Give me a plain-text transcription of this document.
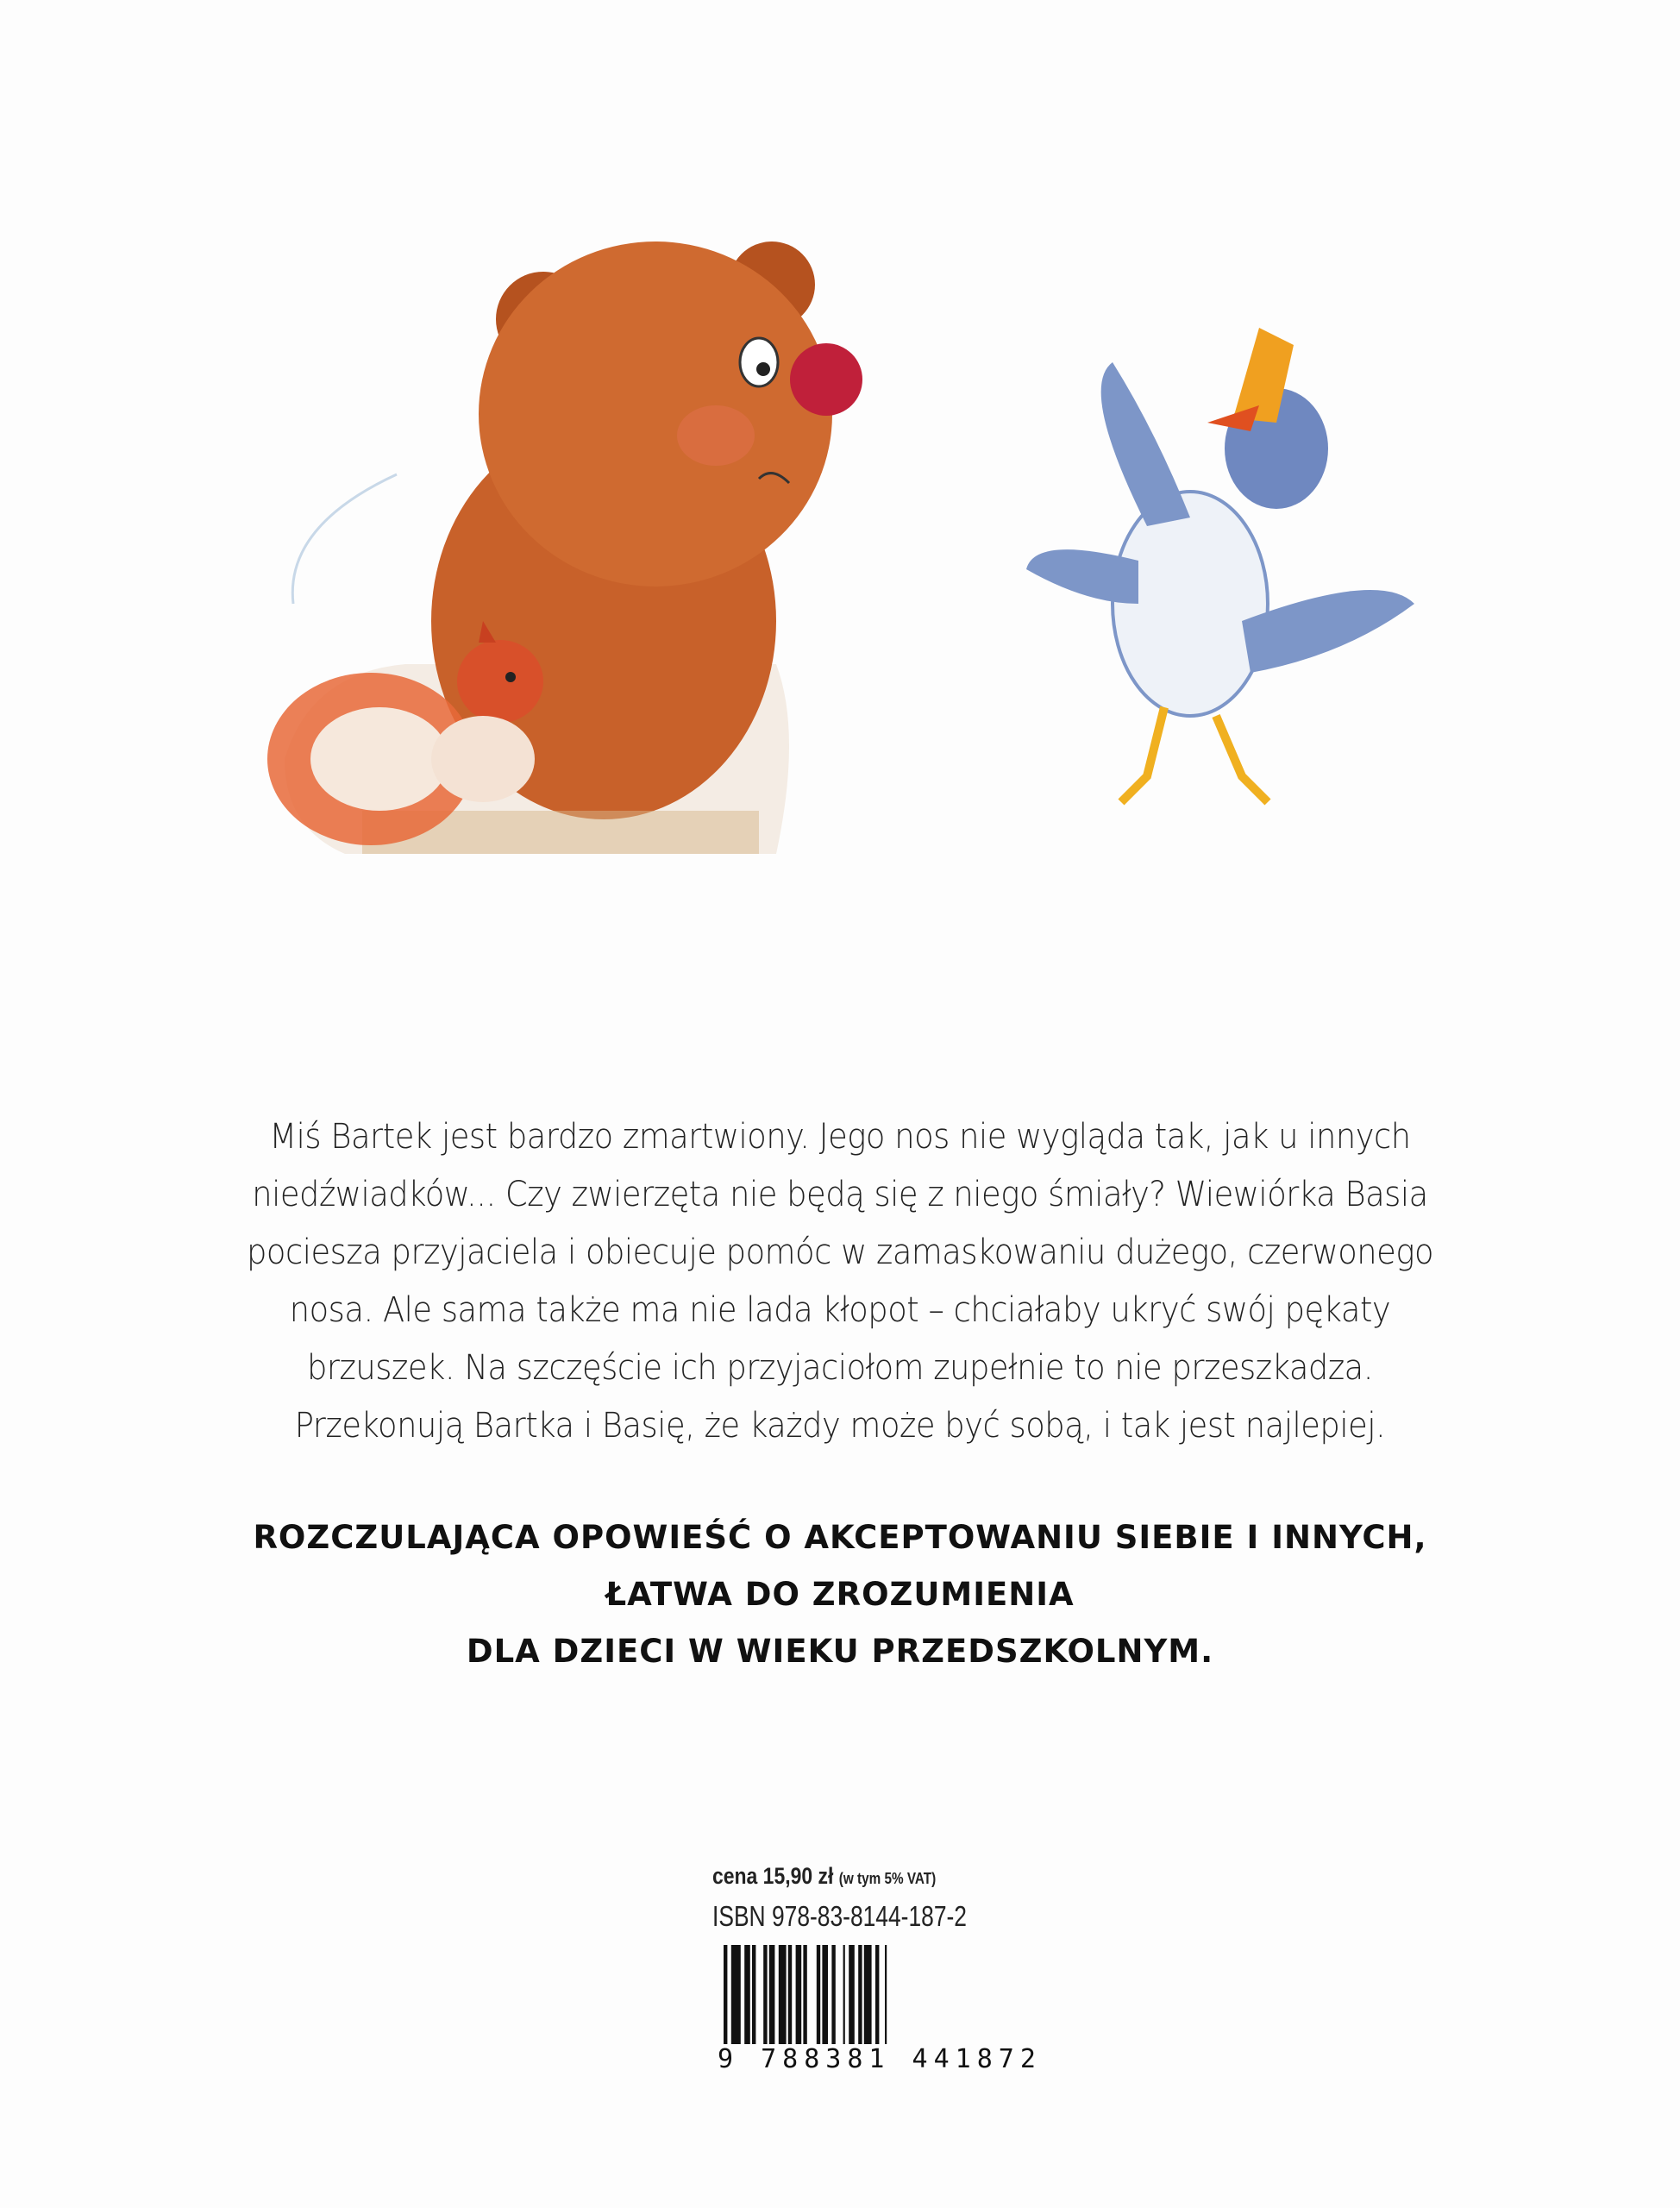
Miś Bartek jest bardzo zmartwiony. Jego nos nie wygląda tak, jak u innych
niedźwiadków... Czy zwierzęta nie będą się z niego śmiały? Wiewiórka Basia
pociesza przyjaciela i obiecuje pomóc w zamaskowaniu dużego, czerwonego
nosa. Ale sama także ma nie lada kłopot – chciałaby ukryć swój pękaty
brzuszek. Na szczęście ich przyjaciołom zupełnie to nie przeszkadza.
Przekonują Bartka i Basię, że każdy może być sobą, i tak jest najlepiej.
ROZCZULAJĄCA OPOWIEŚĆ O AKCEPTOWANIU SIEBIE I INNYCH,
ŁATWA DO ZROZUMIENIA
DLA DZIECI W WIEKU PRZEDSZKOLNYM.
cena 15,90 zł (w tym 5% VAT)
ISBN 978-83-8144-187-2
9 788381 441872
